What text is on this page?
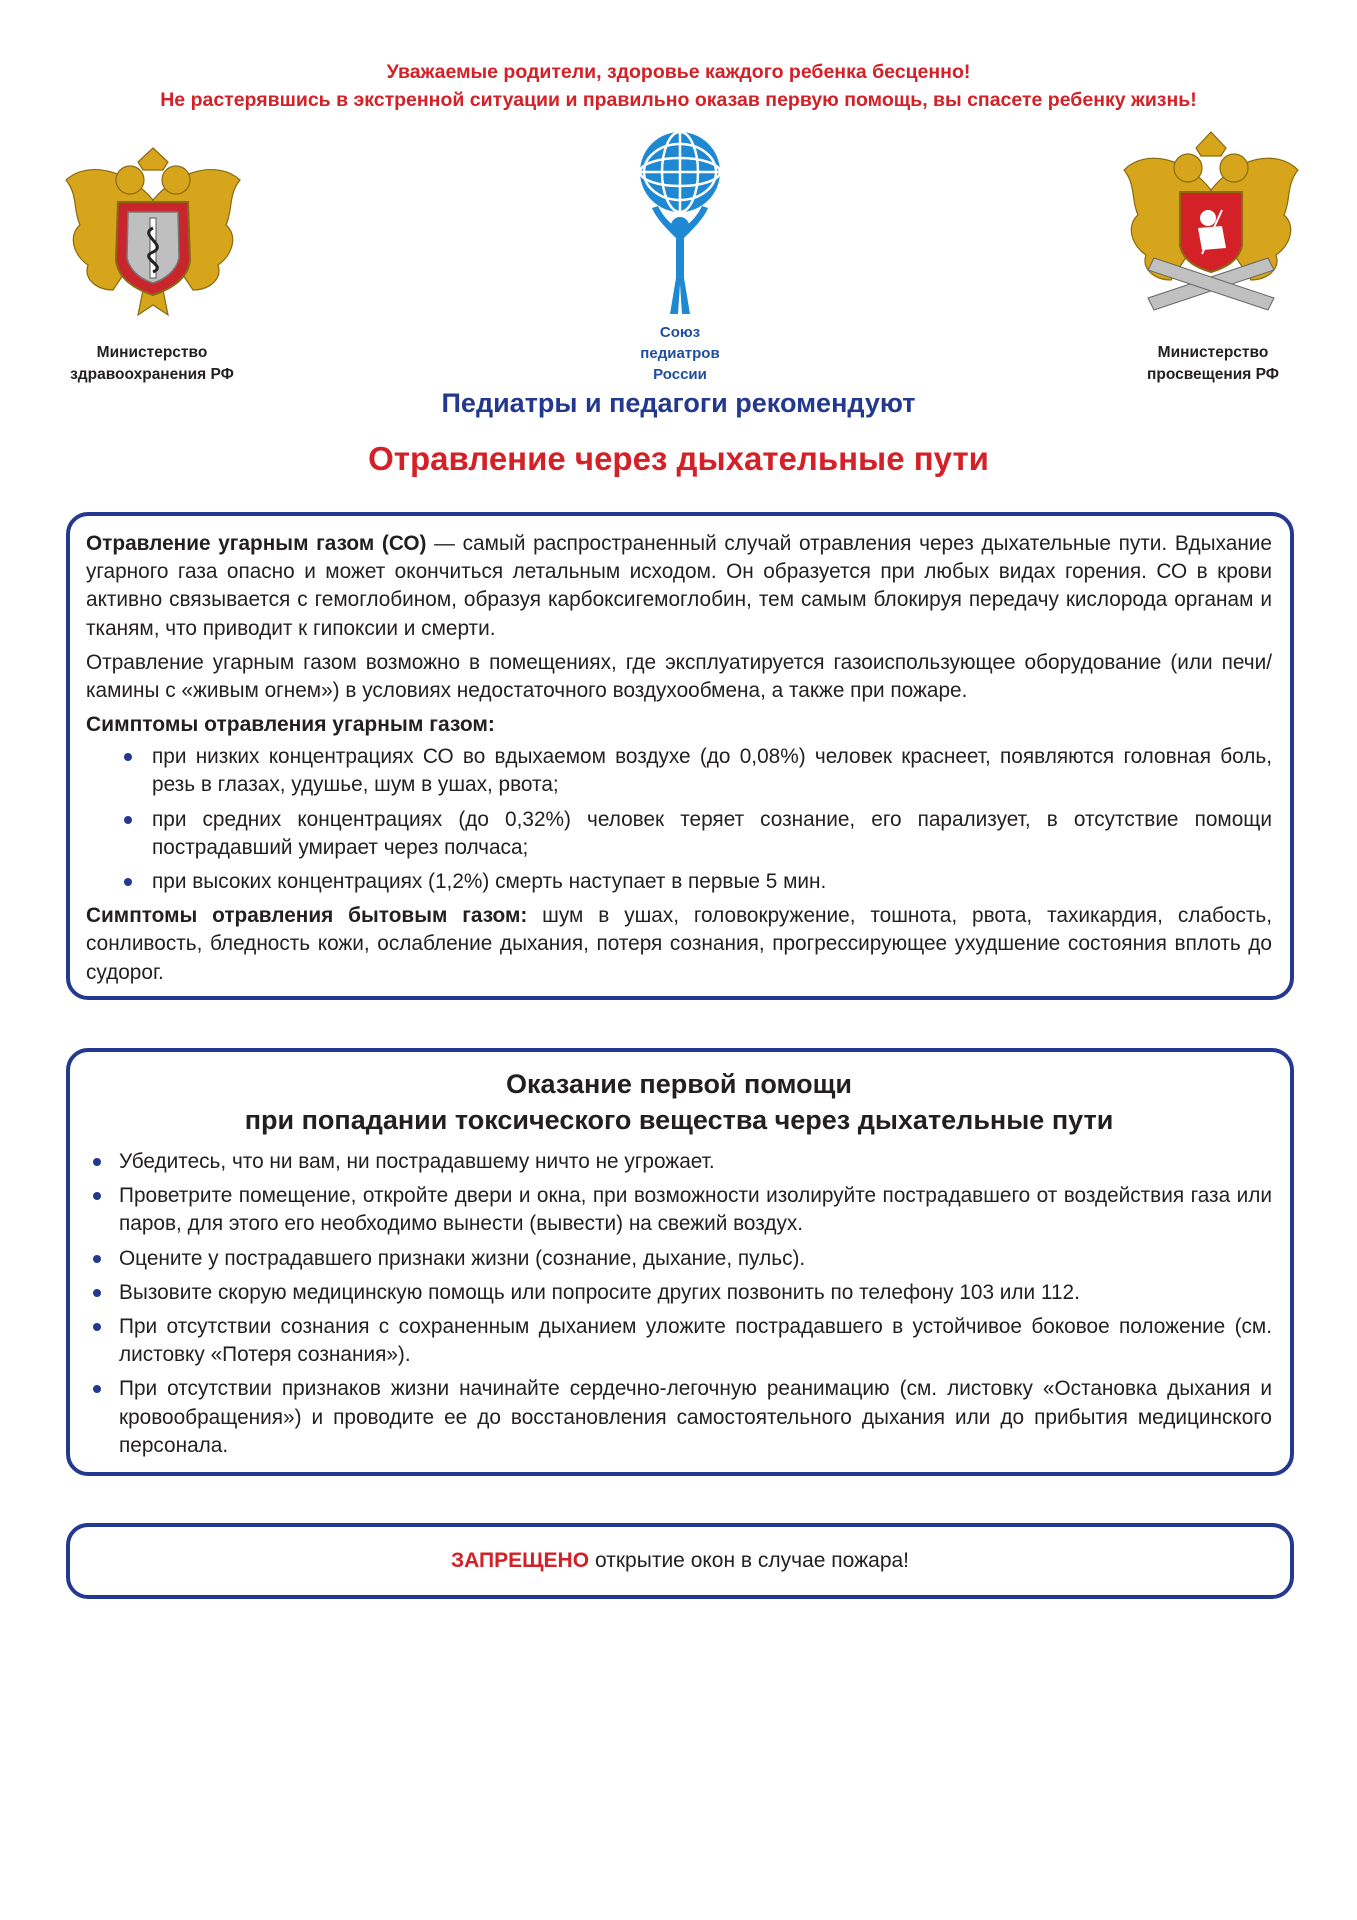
Уважаемые родители, здоровье каждого ребенка бесценно!
Не растерявшись в экстренной ситуации и правильно оказав первую помощь, вы спасете ребенку жизнь!
Министерство
здравоохранения РФ
Союз
педиатров
России
Министерство
просвещения РФ
Педиатры и педагоги рекомендуют
Отравление через дыхательные пути

Отравление угарным газом (СО) — самый распространенный случай отравления через дыхательные пути. Вдыхание угарного газа опасно и может окончиться летальным исходом. Он образуется при любых видах горения. СО в крови активно связывается с гемоглобином, образуя карбоксигемоглобин, тем самым блокируя передачу кислорода органам и тканям, что приводит к гипоксии и смерти.

Отравление угарным газом возможно в помещениях, где эксплуатируется газоиспользующее оборудование (или печи/камины с «живым огнем») в условиях недостаточного воздухообмена, а также при пожаре.

Симптомы отравления угарным газом:
при низких концентрациях СО во вдыхаемом воздухе (до 0,08%) человек краснеет, появляются головная боль, резь в глазах, удушье, шум в ушах, рвота;
при средних концентрациях (до 0,32%) человек теряет сознание, его парализует, в отсутствие помощи пострадавший умирает через полчаса;
при высоких концентрациях (1,2%) смерть наступает в первые 5 мин.

Симптомы отравления бытовым газом: шум в ушах, головокружение, тошнота, рвота, тахикардия, слабость, сонливость, бледность кожи, ослабление дыхания, потеря сознания, прогрессирующее ухудшение состояния вплоть до судорог.

Оказание первой помощи
при попадании токсического вещества через дыхательные пути
Убедитесь, что ни вам, ни пострадавшему ничто не угрожает.
Проветрите помещение, откройте двери и окна, при возможности изолируйте пострадавшего от воздействия газа или паров, для этого его необходимо вынести (вывести) на свежий воздух.
Оцените у пострадавшего признаки жизни (сознание, дыхание, пульс).
Вызовите скорую медицинскую помощь или попросите других позвонить по телефону 103 или 112.
При отсутствии сознания с сохраненным дыханием уложите пострадавшего в устойчивое боковое положение (см. листовку «Потеря сознания»).
При отсутствии признаков жизни начинайте сердечно-легочную реанимацию (см. листовку «Остановка дыхания и кровообращения») и проводите ее до восстановления самостоятельного дыхания или до прибытия медицинского персонала.
ЗАПРЕЩЕНО открытие окон в случае пожара!
